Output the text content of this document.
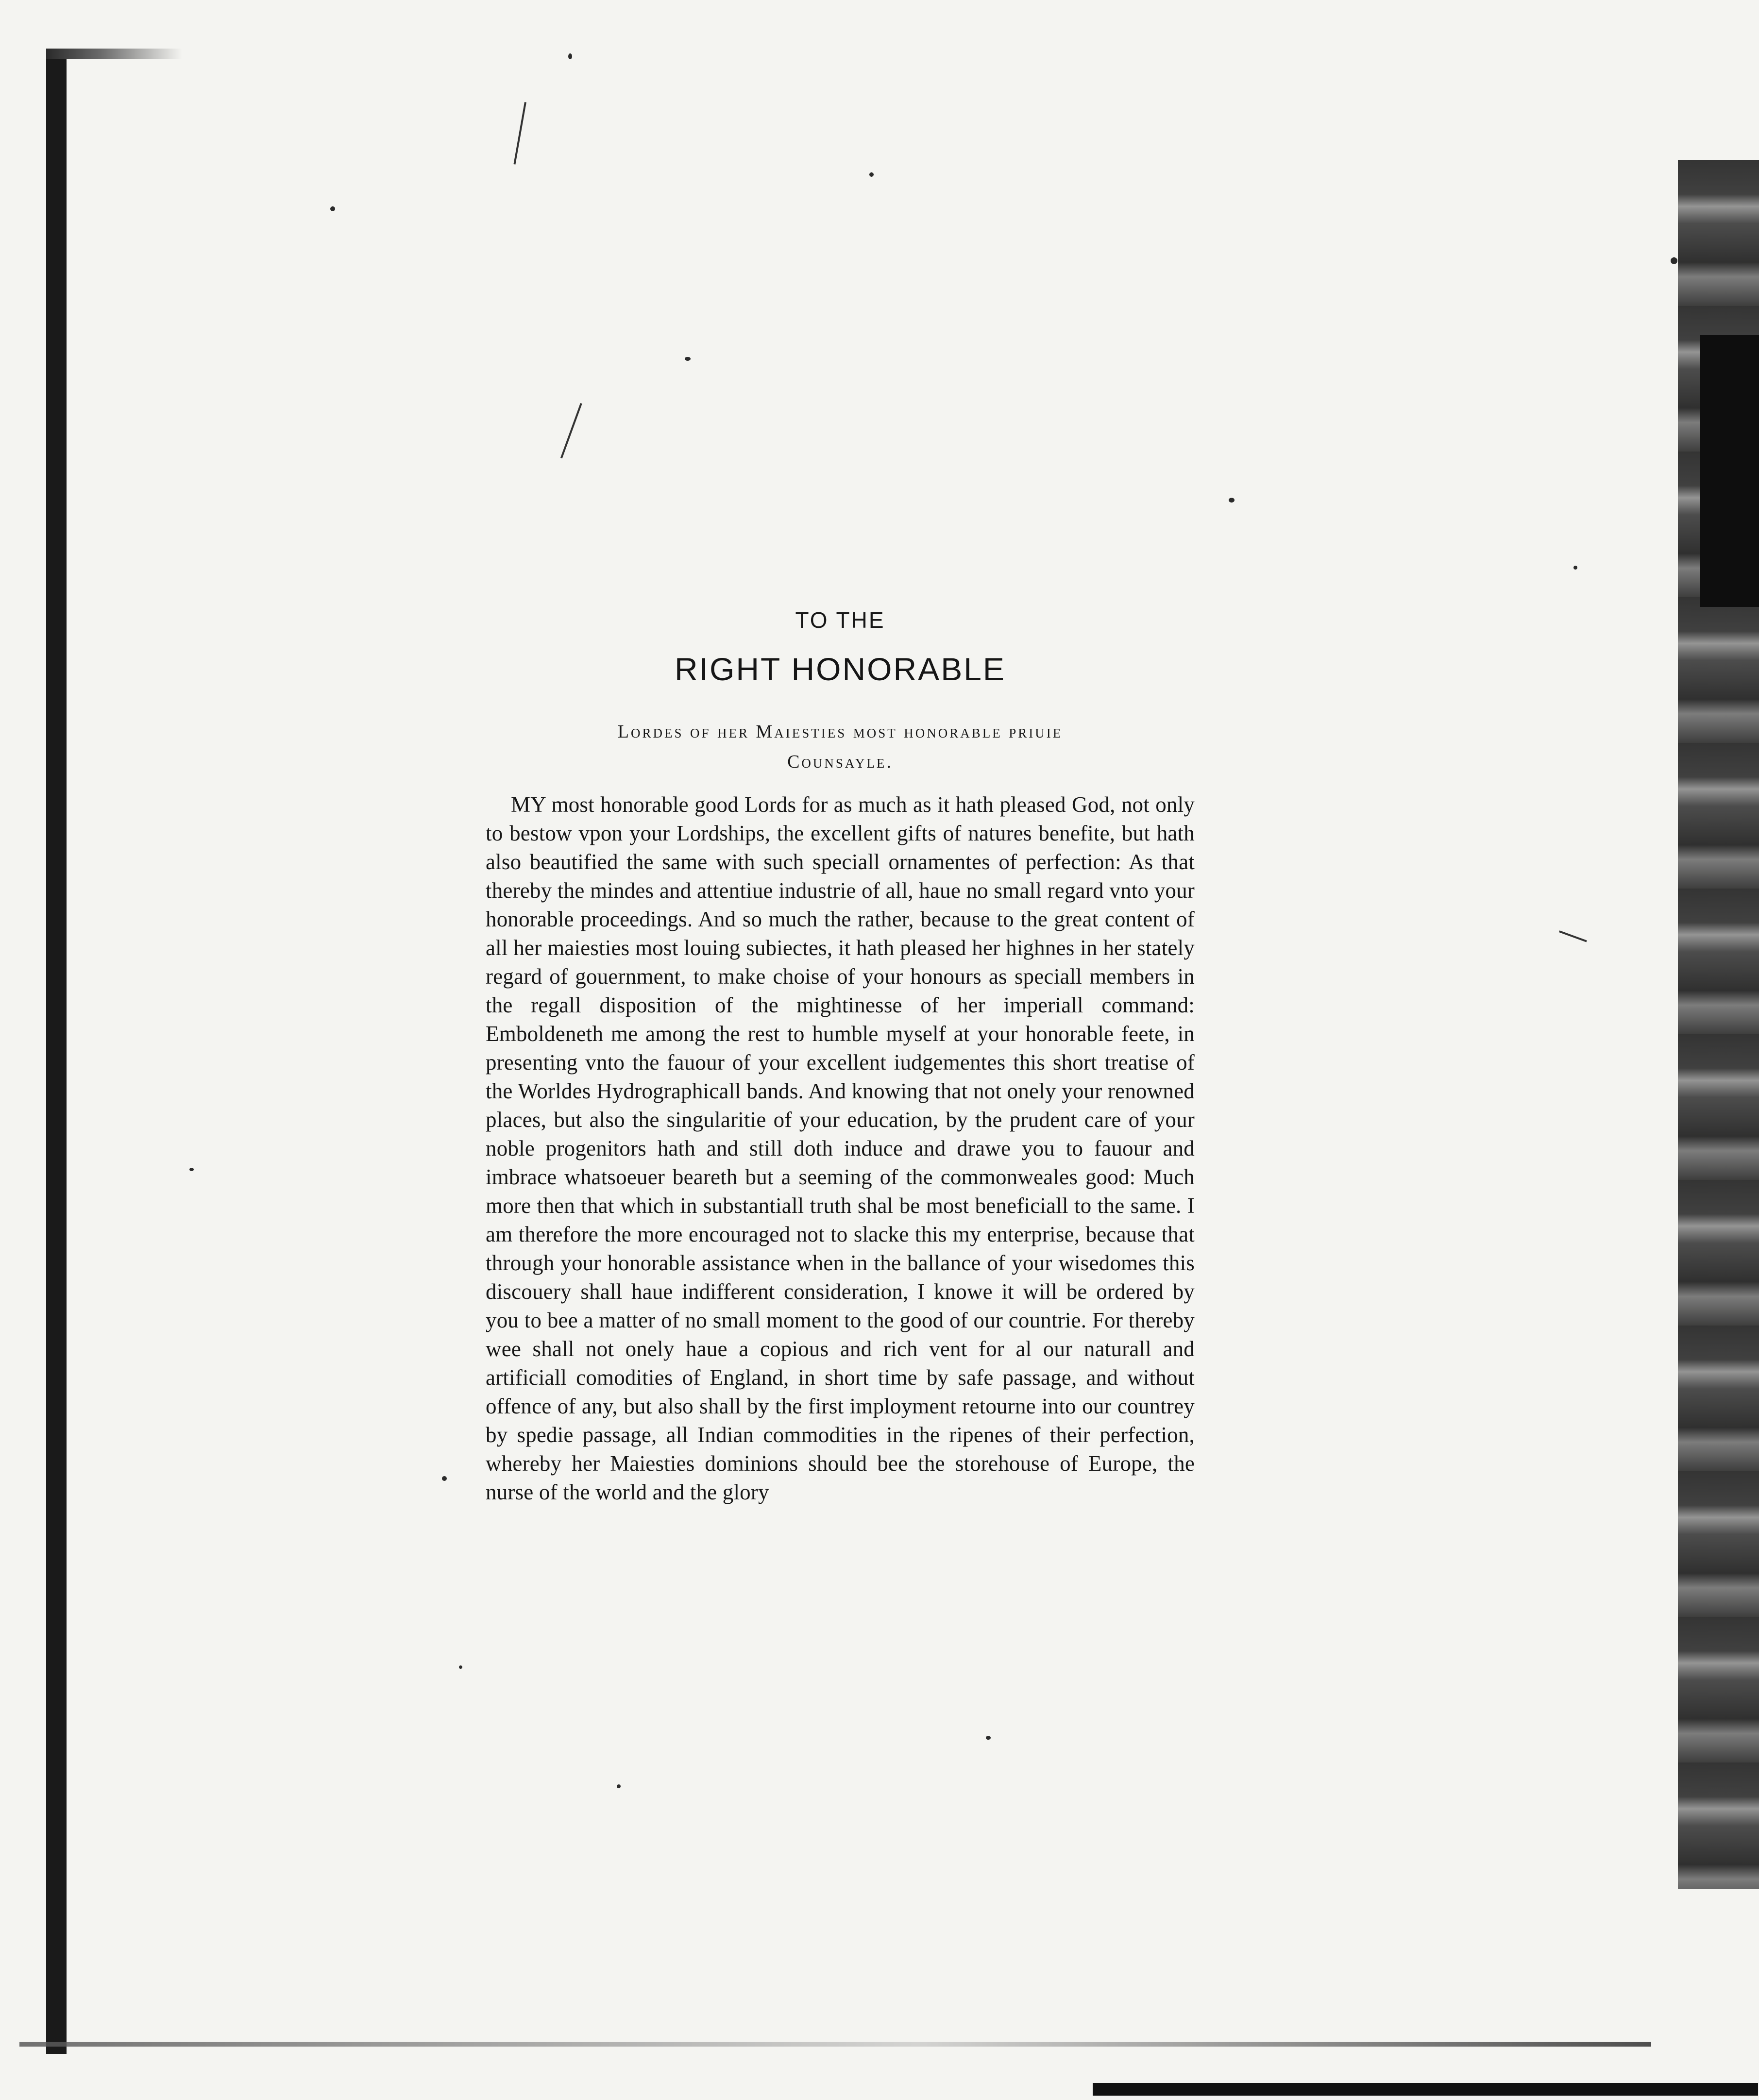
TO THE
RIGHT HONORABLE
Lordes of her Maiesties most honorable priuie
Counsayle.

MY most honorable good Lords for as much as it hath pleased God, not only to bestow vpon your Lordships, the excellent gifts of natures benefite, but hath also beautified the same with such speciall ornamentes of perfection: As that thereby the mindes and attentiue industrie of all, haue no small regard vnto your honorable proceedings. And so much the rather, because to the great content of all her maiesties most louing subiectes, it hath pleased her highnes in her stately regard of gouernment, to make choise of your honours as speciall members in the regall disposition of the mightinesse of her imperiall command: Emboldeneth me among the rest to humble myself at your honorable feete, in presenting vnto the fauour of your excellent iudgementes this short treatise of the Worldes Hydrographicall bands. And knowing that not onely your renowned places, but also the singularitie of your education, by the prudent care of your noble progenitors hath and still doth induce and drawe you to fauour and imbrace whatsoeuer beareth but a seeming of the commonweales good: Much more then that which in substantiall truth shal be most beneficiall to the same. I am therefore the more encouraged not to slacke this my enterprise, because that through your honorable assistance when in the ballance of your wisedomes this discouery shall haue indifferent consideration, I knowe it will be ordered by you to bee a matter of no small moment to the good of our countrie. For thereby wee shall not onely haue a copious and rich vent for al our naturall and artificiall comodities of England, in short time by safe passage, and without offence of any, but also shall by the first imployment retourne into our countrey by spedie passage, all Indian commodities in the ripenes of their perfection, whereby her Maiesties dominions should bee the storehouse of Europe, the nurse of the world and the glory
